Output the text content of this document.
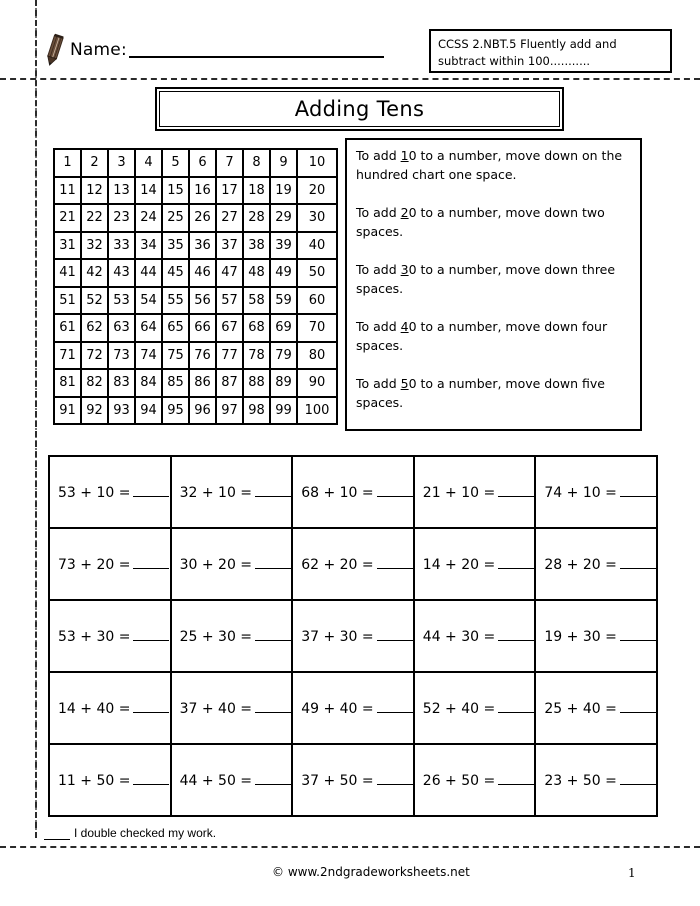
Name:	CCSS 2.NBT.5 Fluently add and subtract within 100...........
Adding Tens
1	2	3	4	5	6	7	8	9	10
11	12	13	14	15	16	17	18	19	20
21	22	23	24	25	26	27	28	29	30
31	32	33	34	35	36	37	38	39	40
41	42	43	44	45	46	47	48	49	50
51	52	53	54	55	56	57	58	59	60
61	62	63	64	65	66	67	68	69	70
71	72	73	74	75	76	77	78	79	80
81	82	83	84	85	86	87	88	89	90
91	92	93	94	95	96	97	98	99	100

To add 10 to a number, move down on the hundred chart one space.

To add 20 to a number, move down two spaces.

To add 30 to a number, move down three spaces.

To add 40 to a number, move down four spaces.

To add 50 to a number, move down five spaces.

53 + 10 =	32 + 10 =	68 + 10 =	21 + 10 =	74 + 10 =
73 + 20 =	30 + 20 =	62 + 20 =	14 + 20 =	28 + 20 =
53 + 30 =	25 + 30 =	37 + 30 =	44 + 30 =	19 + 30 =
14 + 40 =	37 + 40 =	49 + 40 =	52 + 40 =	25 + 40 =
11 + 50 =	44 + 50 =	37 + 50 =	26 + 50 =	23 + 50 =
I double checked my work.
© www.2ndgradeworksheets.net	1
